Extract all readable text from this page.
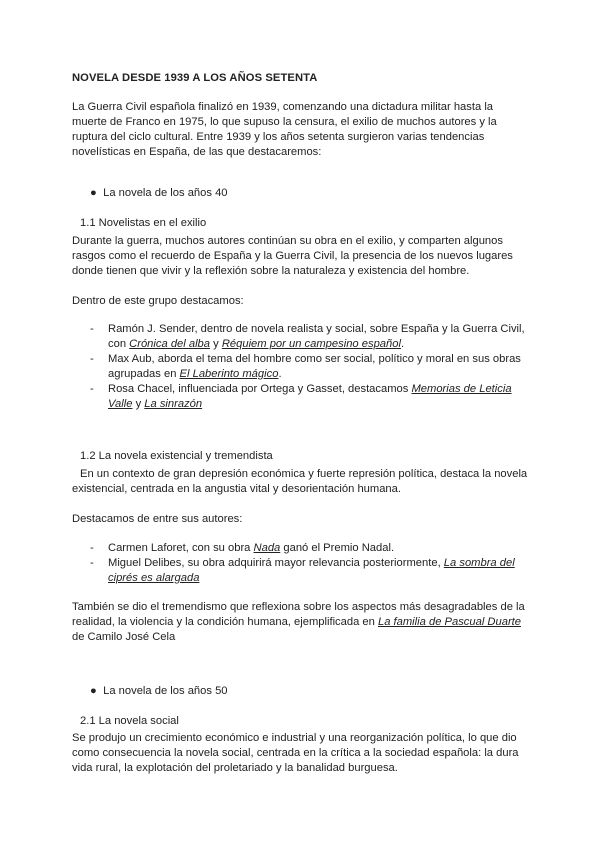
NOVELA DESDE 1939 A LOS AÑOS SETENTA

La Guerra Civil española finalizó en 1939, comenzando una dictadura militar hasta la muerte de Franco en 1975, lo que supuso la censura, el exilio de muchos autores y la ruptura del ciclo cultural. Entre 1939 y los años setenta surgieron varias tendencias novelísticas en España, de las que destacaremos:

● La novela de los años 40

1.1 Novelistas en el exilio

Durante la guerra, muchos autores continúan su obra en el exilio, y comparten algunos rasgos como el recuerdo de España y la Guerra Civil, la presencia de los nuevos lugares donde tienen que vivir y la reflexión sobre la naturaleza y existencia del hombre.

Dentro de este grupo destacamos:

- Ramón J. Sender, dentro de novela realista y social, sobre España y la Guerra Civil, con Crónica del alba y Réquiem por un campesino español.
- Max Aub, aborda el tema del hombre como ser social, político y moral en sus obras agrupadas en El Laberinto mágico.
- Rosa Chacel, influenciada por Ortega y Gasset, destacamos Memorias de Leticia Valle y La sinrazón

1.2 La novela existencial y tremendista

En un contexto de gran depresión económica y fuerte represión política, destaca la novela existencial, centrada en la angustia vital y desorientación humana.

Destacamos de entre sus autores:

- Carmen Laforet, con su obra Nada ganó el Premio Nadal.
- Miguel Delibes, su obra adquirirá mayor relevancia posteriormente, La sombra del ciprés es alargada

También se dio el tremendismo que reflexiona sobre los aspectos más desagradables de la realidad, la violencia y la condición humana, ejemplificada en La familia de Pascual Duarte de Camilo José Cela

● La novela de los años 50

2.1 La novela social

Se produjo un crecimiento económico e industrial y una reorganización política, lo que dio como consecuencia la novela social, centrada en la crítica a la sociedad española: la dura vida rural, la explotación del proletariado y la banalidad burguesa.
